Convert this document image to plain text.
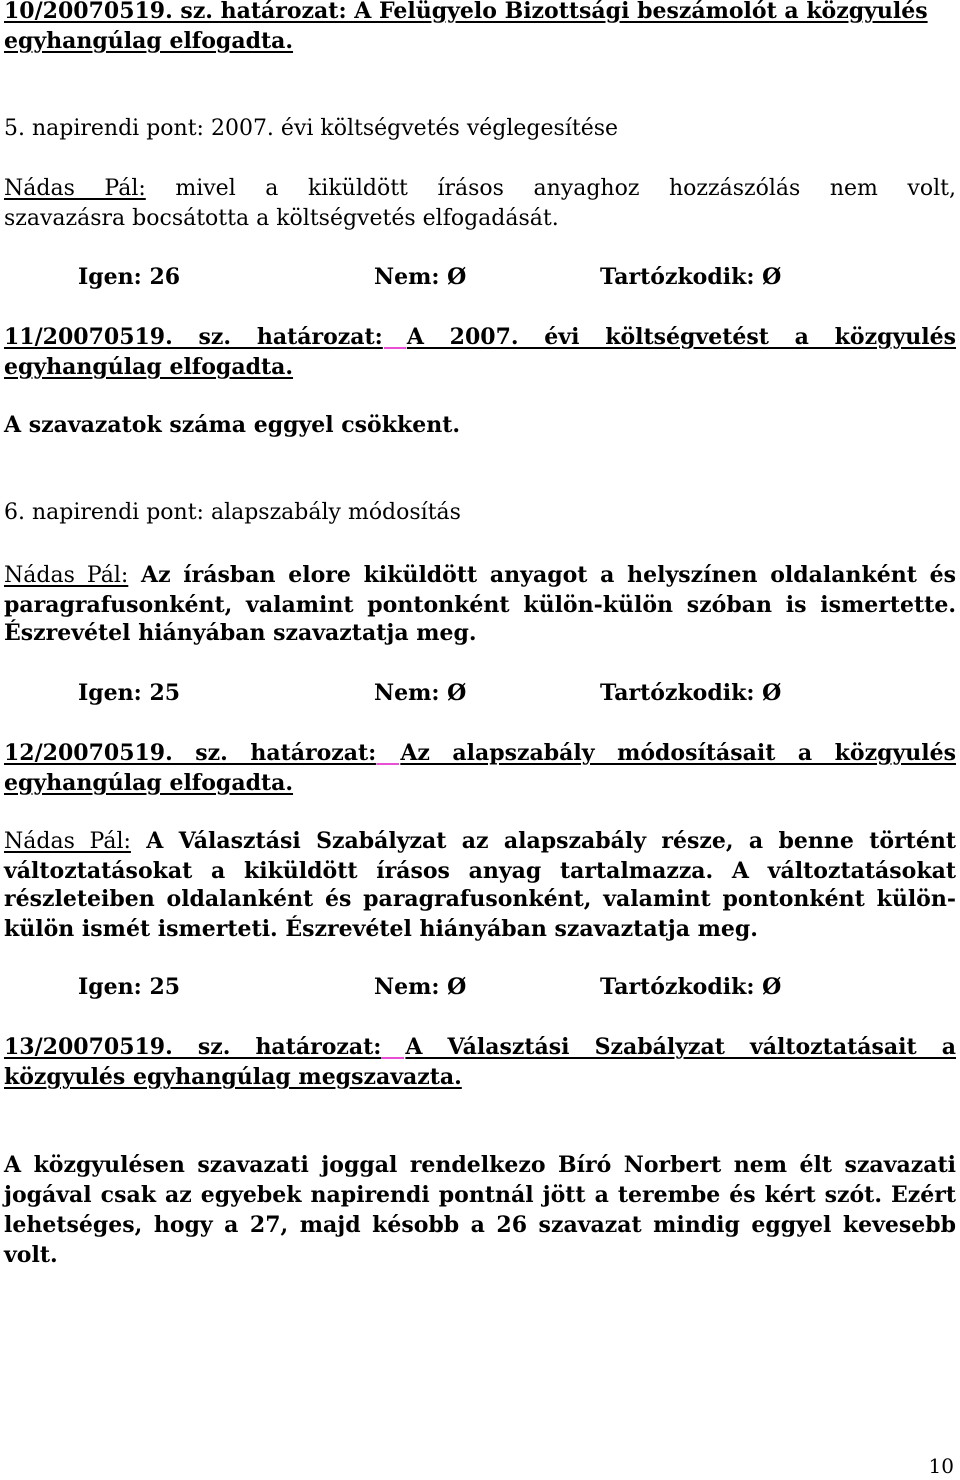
10/20070519. sz. határozat: A Felügyelo Bizottsági beszámolót a közgyulés
egyhangúlag elfogadta.
5. napirendi pont: 2007. évi költségvetés véglegesítése
Nádas Pál: mivel a kiküldött írásos anyaghoz hozzászólás nem volt,
szavazásra bocsátotta a költségvetés elfogadását.
Igen: 26	Nem: Ø	Tartózkodik: Ø
11/20070519. sz. határozat: A 2007. évi költségvetést a közgyulés
egyhangúlag elfogadta.
A szavazatok száma eggyel csökkent.
6. napirendi pont: alapszabály módosítás
Nádas Pál: Az írásban elore kiküldött anyagot a helyszínen oldalanként és
paragrafusonként, valamint pontonként külön-külön szóban is ismertette.
Észrevétel hiányában szavaztatja meg.
Igen: 25	Nem: Ø	Tartózkodik: Ø
12/20070519. sz. határozat: Az alapszabály módosításait a közgyulés
egyhangúlag elfogadta.
Nádas Pál: A Választási Szabályzat az alapszabály része, a benne történt
változtatásokat a kiküldött írásos anyag tartalmazza. A változtatásokat
részleteiben oldalanként és paragrafusonként, valamint pontonként külön-
külön ismét ismerteti. Észrevétel hiányában szavaztatja meg.
Igen: 25	Nem: Ø	Tartózkodik: Ø
13/20070519. sz. határozat: A Választási Szabályzat változtatásait a
közgyulés egyhangúlag megszavazta.
A közgyulésen szavazati joggal rendelkezo Bíró Norbert nem élt szavazati
jogával csak az egyebek napirendi pontnál jött a terembe és kért szót. Ezért
lehetséges, hogy a 27, majd késobb a 26 szavazat mindig eggyel kevesebb
volt.
10
